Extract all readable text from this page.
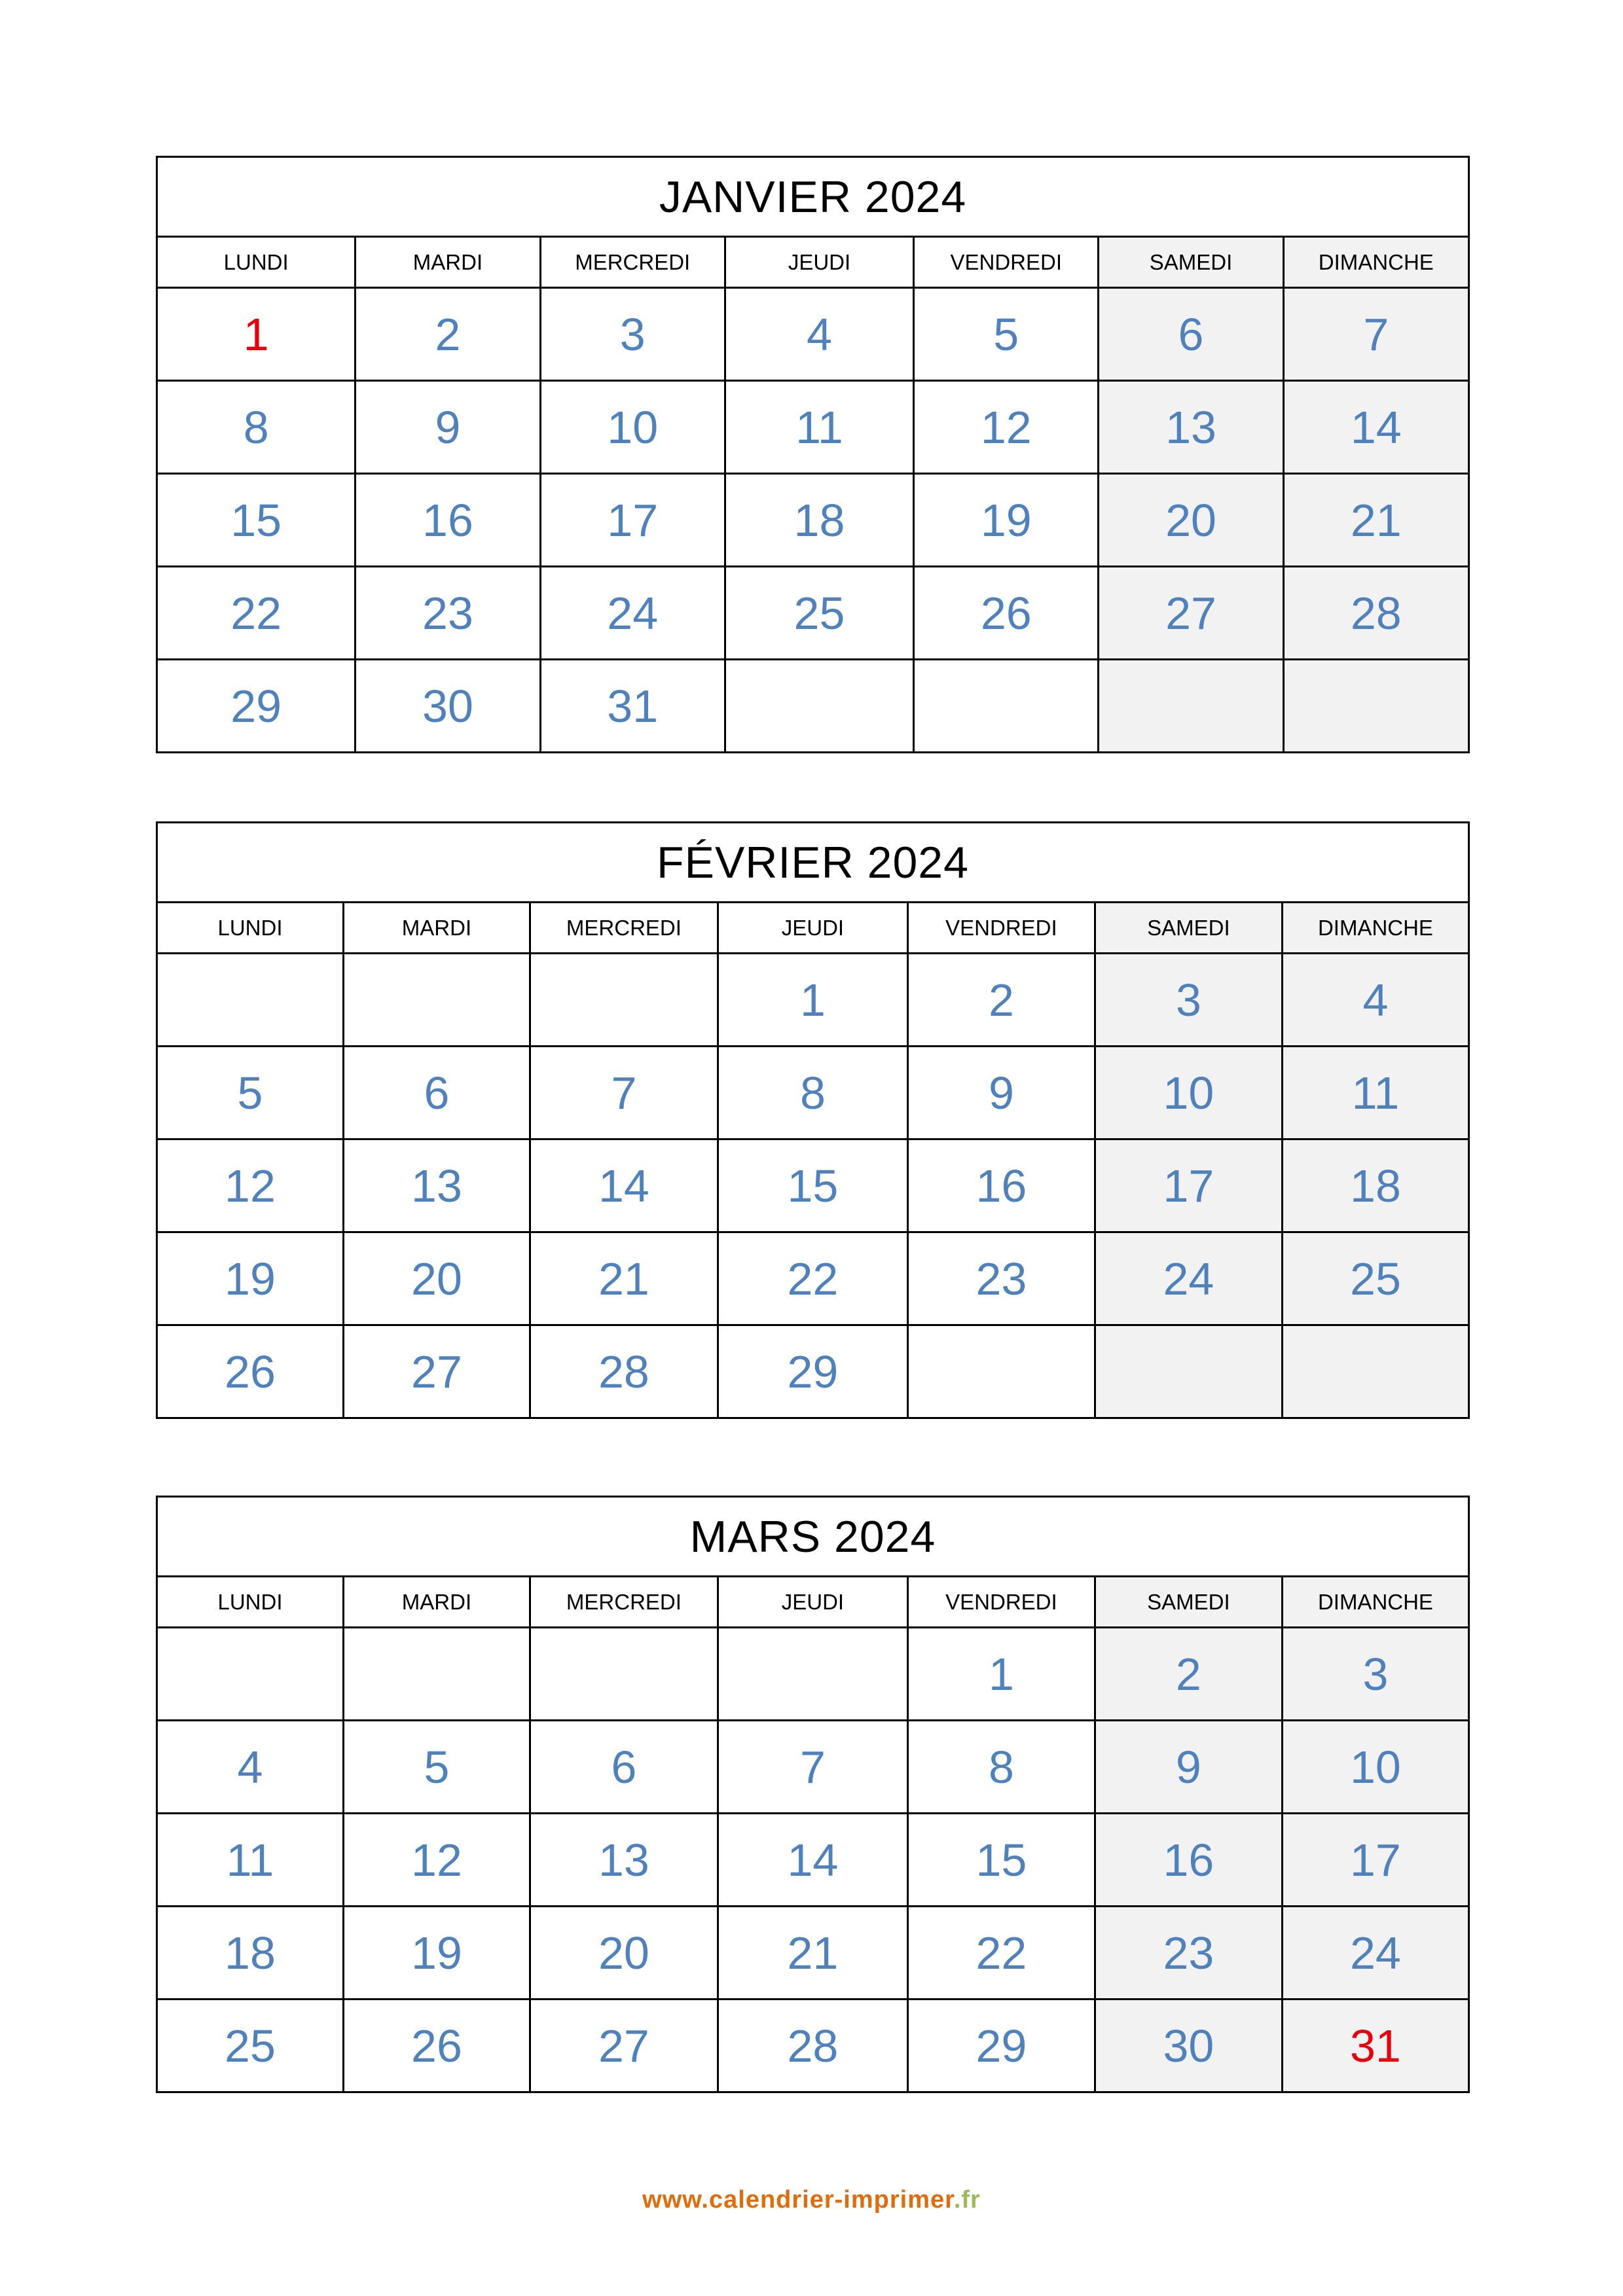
JANVIER 2024						
LUNDI	MARDI	MERCREDI	JEUDI	VENDREDI	SAMEDI	DIMANCHE
1	2	3	4	5	6	7
8	9	10	11	12	13	14
15	16	17	18	19	20	21
22	23	24	25	26	27	28
29	30	31				
FÉVRIER 2024						
LUNDI	MARDI	MERCREDI	JEUDI	VENDREDI	SAMEDI	DIMANCHE
			1	2	3	4
5	6	7	8	9	10	11
12	13	14	15	16	17	18
19	20	21	22	23	24	25
26	27	28	29			
MARS 2024						
LUNDI	MARDI	MERCREDI	JEUDI	VENDREDI	SAMEDI	DIMANCHE
				1	2	3
4	5	6	7	8	9	10
11	12	13	14	15	16	17
18	19	20	21	22	23	24
25	26	27	28	29	30	31
www.calendrier-imprimer.fr
